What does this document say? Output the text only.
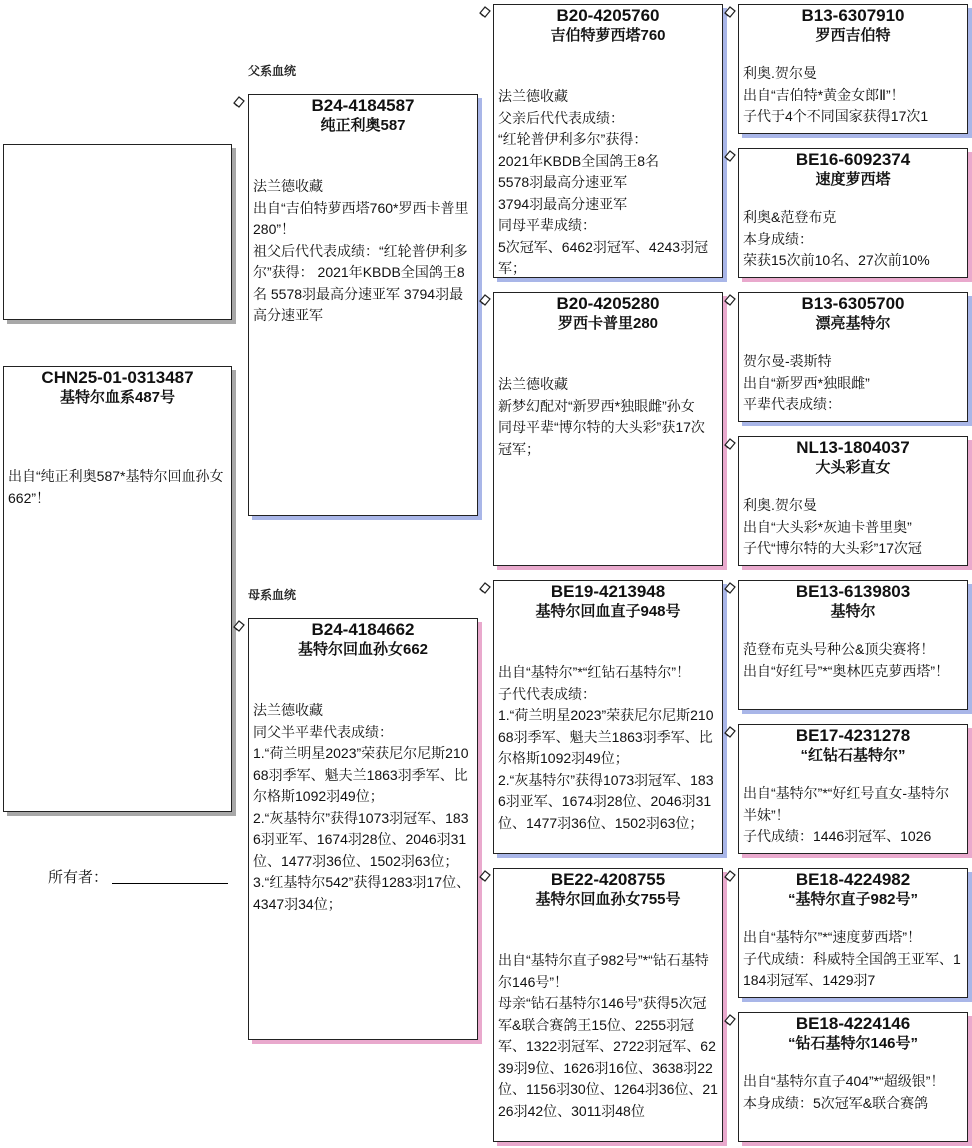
父系血统
母系血统
CHN25-01-0313487
基特尔血系487号
出自“纯正利奥587*基特尔回血孙女662”！
所有者：
B24-4184587
纯正利奥587
法兰德收藏
出自“吉伯特萝西塔760*罗西卡普里280”！
祖父后代代表成绩：“红轮普伊利多尔”获得： 2021年KBDB全国鸽王8名 5578羽最高分速亚军 3794羽最高分速亚军
B24-4184662
基特尔回血孙女662
法兰德收藏
同父半平辈代表成绩：
1.“荷兰明星2023”荣获尼尔尼斯21068羽季军、魁夫兰1863羽季军、比尔格斯1092羽49位；
2.“灰基特尔”获得1073羽冠军、1836羽亚军、1674羽28位、2046羽31位、1477羽36位、1502羽63位；
3.“红基特尔542”获得1283羽17位、4347羽34位；
B20-4205760
吉伯特萝西塔760
法兰德收藏
父亲后代代表成绩：
“红轮普伊利多尔”获得：
2021年KBDB全国鸽王8名
5578羽最高分速亚军
3794羽最高分速亚军
同母平辈成绩：
5次冠军、6462羽冠军、4243羽冠军；
B20-4205280
罗西卡普里280
法兰德收藏
新梦幻配对“新罗西*独眼雌”孙女
同母平辈“博尔特的大头彩”获17次冠军；
BE19-4213948
基特尔回血直子948号
出自“基特尔”*“红钻石基特尔”！
子代代表成绩：
1.“荷兰明星2023”荣获尼尔尼斯21068羽季军、魁夫兰1863羽季军、比尔格斯1092羽49位；
2.“灰基特尔”获得1073羽冠军、1836羽亚军、1674羽28位、2046羽31位、1477羽36位、1502羽63位；
BE22-4208755
基特尔回血孙女755号
出自“基特尔直子982号”*“钻石基特尔146号”！
母亲“钻石基特尔146号”获得5次冠军&联合赛鸽王15位、2255羽冠军、1322羽冠军、2722羽冠军、6239羽9位、1626羽16位、3638羽22位、1156羽30位、1264羽36位、2126羽42位、3011羽48位
B13-6307910
罗西吉伯特
利奥.贺尔曼
出自“吉伯特*黄金女郎Ⅱ”！
子代于4个不同国家获得17次1
BE16-6092374
速度萝西塔
利奥&范登布克
本身成绩：
荣获15次前10名、27次前10%
B13-6305700
漂亮基特尔
贺尔曼-裘斯特
出自“新罗西*独眼雌”
平辈代表成绩：
NL13-1804037
大头彩直女
利奥.贺尔曼
出自“大头彩*灰迪卡普里奥”
子代“博尔特的大头彩”17次冠
BE13-6139803
基特尔
范登布克头号种公&顶尖赛将！
出自“好红号”*“奥林匹克萝西塔”！
BE17-4231278
“红钻石基特尔”
出自“基特尔”*“好红号直女-基特尔半妹”！
子代成绩：1446羽冠军、1026
BE18-4224982
“基特尔直子982号”
出自“基特尔”*“速度萝西塔”！
子代成绩：科威特全国鸽王亚军、1184羽冠军、1429羽7
BE18-4224146
“钻石基特尔146号”
出自“基特尔直子404”*“超级银”！
本身成绩：5次冠军&联合赛鸽
